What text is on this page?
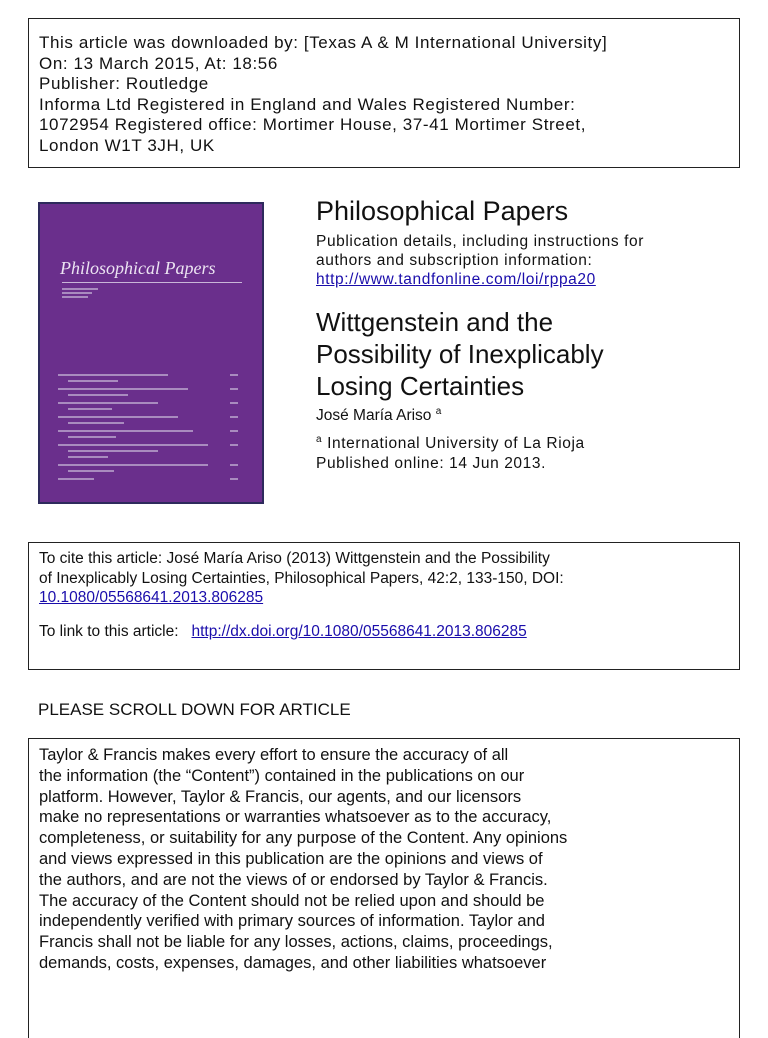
This article was downloaded by: [Texas A & M International University]
On: 13 March 2015, At: 18:56
Publisher: Routledge
Informa Ltd Registered in England and Wales Registered Number:
1072954 Registered office: Mortimer House, 37-41 Mortimer Street,
London W1T 3JH, UK
Philosophical Papers
Philosophical Papers
Publication details, including instructions for
authors and subscription information:
http://www.tandfonline.com/loi/rppa20
Wittgenstein and the
Possibility of Inexplicably
Losing Certainties
José María Ariso $^a$
$^a$ International University of La Rioja
Published online: 14 Jun 2013.
To cite this article: José María Ariso (2013) Wittgenstein and the Possibility
of Inexplicably Losing Certainties, Philosophical Papers, 42:2, 133-150, DOI:
10.1080/05568641.2013.806285
To link to this article: http://dx.doi.org/10.1080/05568641.2013.806285
PLEASE SCROLL DOWN FOR ARTICLE
Taylor & Francis makes every effort to ensure the accuracy of all
the information (the “Content”) contained in the publications on our
platform. However, Taylor & Francis, our agents, and our licensors
make no representations or warranties whatsoever as to the accuracy,
completeness, or suitability for any purpose of the Content. Any opinions
and views expressed in this publication are the opinions and views of
the authors, and are not the views of or endorsed by Taylor & Francis.
The accuracy of the Content should not be relied upon and should be
independently verified with primary sources of information. Taylor and
Francis shall not be liable for any losses, actions, claims, proceedings,
demands, costs, expenses, damages, and other liabilities whatsoever
